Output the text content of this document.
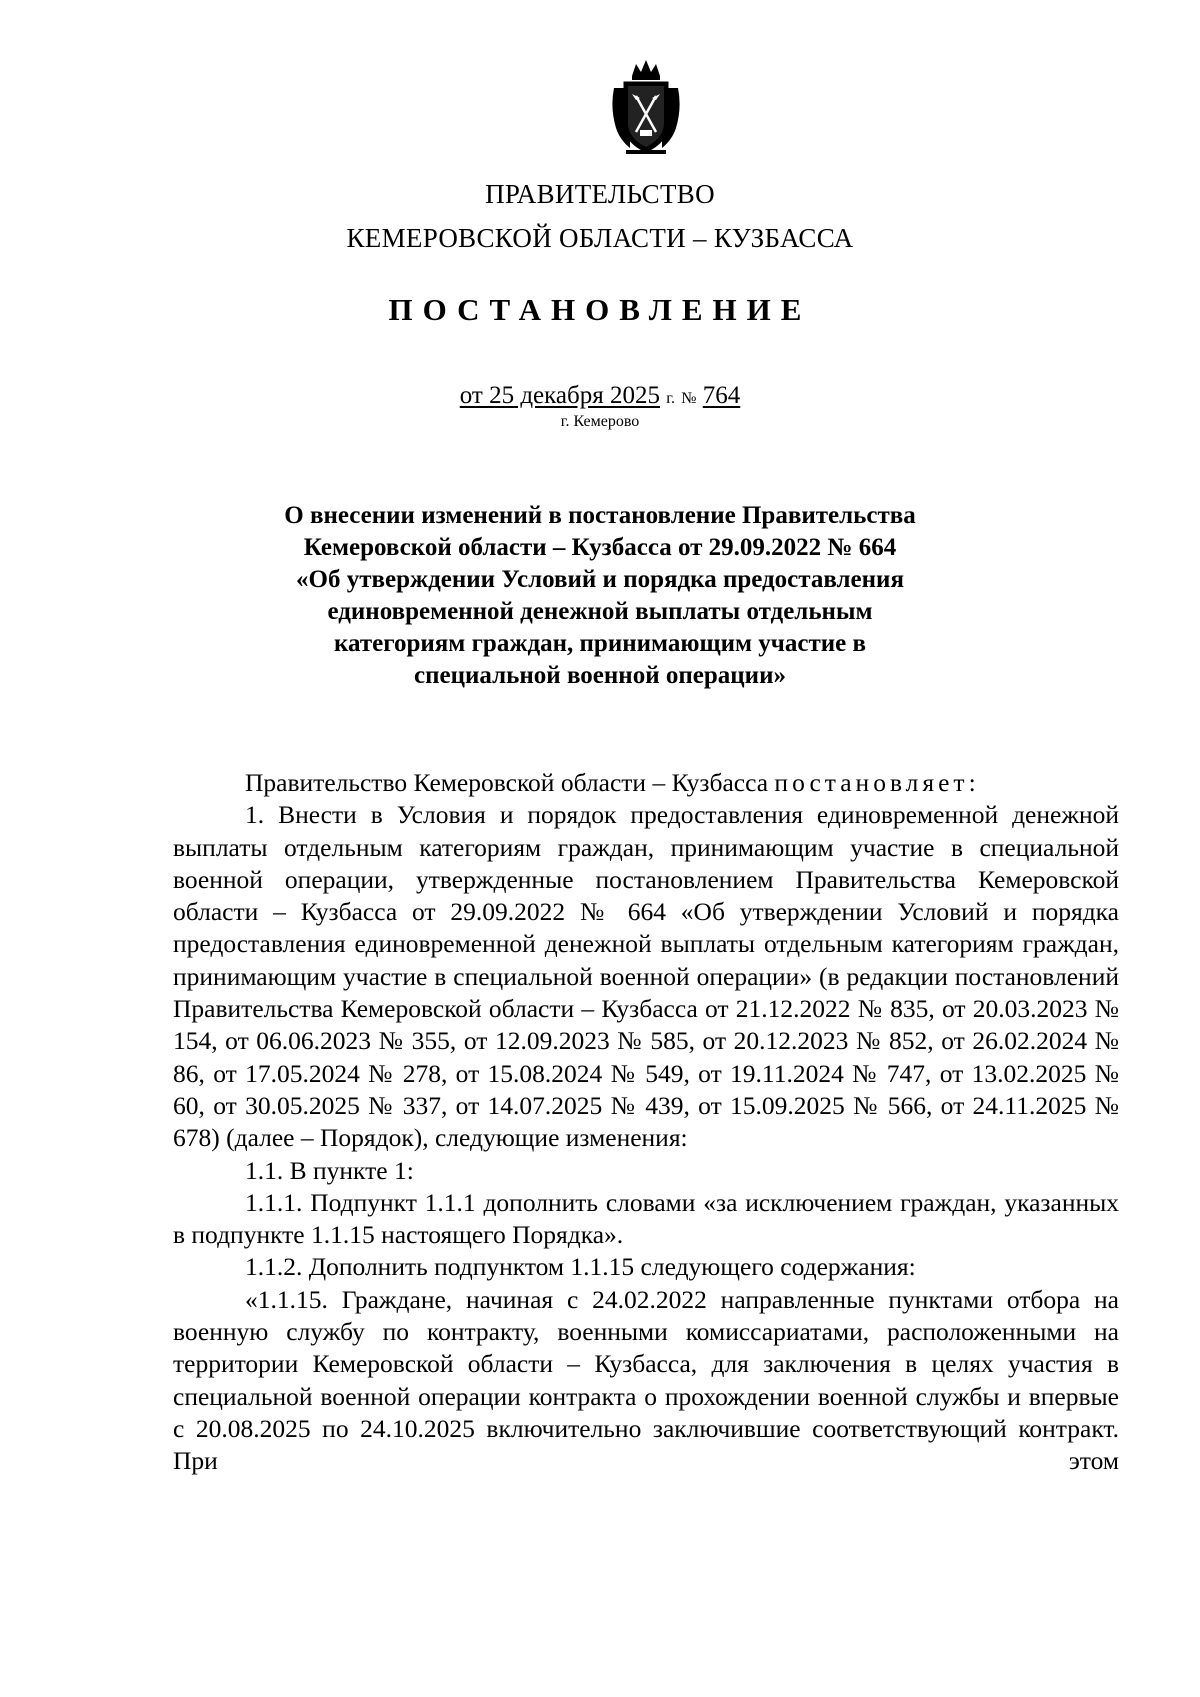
ПРАВИТЕЛЬСТВО
КЕМЕРОВСКОЙ ОБЛАСТИ – КУЗБАССА
ПОСТАНОВЛЕНИЕ
от 25 декабря 2025 г. № 764
г. Кемерово
О внесении изменений в постановление Правительства
Кемеровской области – Кузбасса от 29.09.2022 № 664
«Об утверждении Условий и порядка предоставления
единовременной денежной выплаты отдельным
категориям граждан, принимающим участие в
специальной военной операции»

Правительство Кемеровской области – Кузбасса постановляет:

1. Внести в Условия и порядок предоставления единовременной денежной выплаты отдельным категориям граждан, принимающим участие в специальной военной операции, утвержденные постановлением Правительства Кемеровской области – Кузбасса от 29.09.2022 № 664 «Об утверждении Условий и порядка предоставления единовременной денежной выплаты отдельным категориям граждан, принимающим участие в специальной военной операции» (в редакции постановлений Правительства Кемеровской области – Кузбасса от 21.12.2022 № 835, от 20.03.2023 № 154, от 06.06.2023 № 355, от 12.09.2023 № 585, от 20.12.2023 № 852, от 26.02.2024 № 86, от 17.05.2024 № 278, от 15.08.2024 № 549, от 19.11.2024 № 747, от 13.02.2025 № 60, от 30.05.2025 № 337, от 14.07.2025 № 439, от 15.09.2025 № 566, от 24.11.2025 № 678) (далее – Порядок), следующие изменения:

1.1. В пункте 1:

1.1.1. Подпункт 1.1.1 дополнить словами «за исключением граждан, указанных в подпункте 1.1.15 настоящего Порядка».

1.1.2. Дополнить подпунктом 1.1.15 следующего содержания:

«1.1.15. Граждане, начиная с 24.02.2022 направленные пунктами отбора на военную службу по контракту, военными комиссариатами, расположенными на территории Кемеровской области – Кузбасса, для заключения в целях участия в специальной военной операции контракта о прохождении военной службы и впервые с 20.08.2025 по 24.10.2025 включительно заключившие соответствующий контракт. При этом
